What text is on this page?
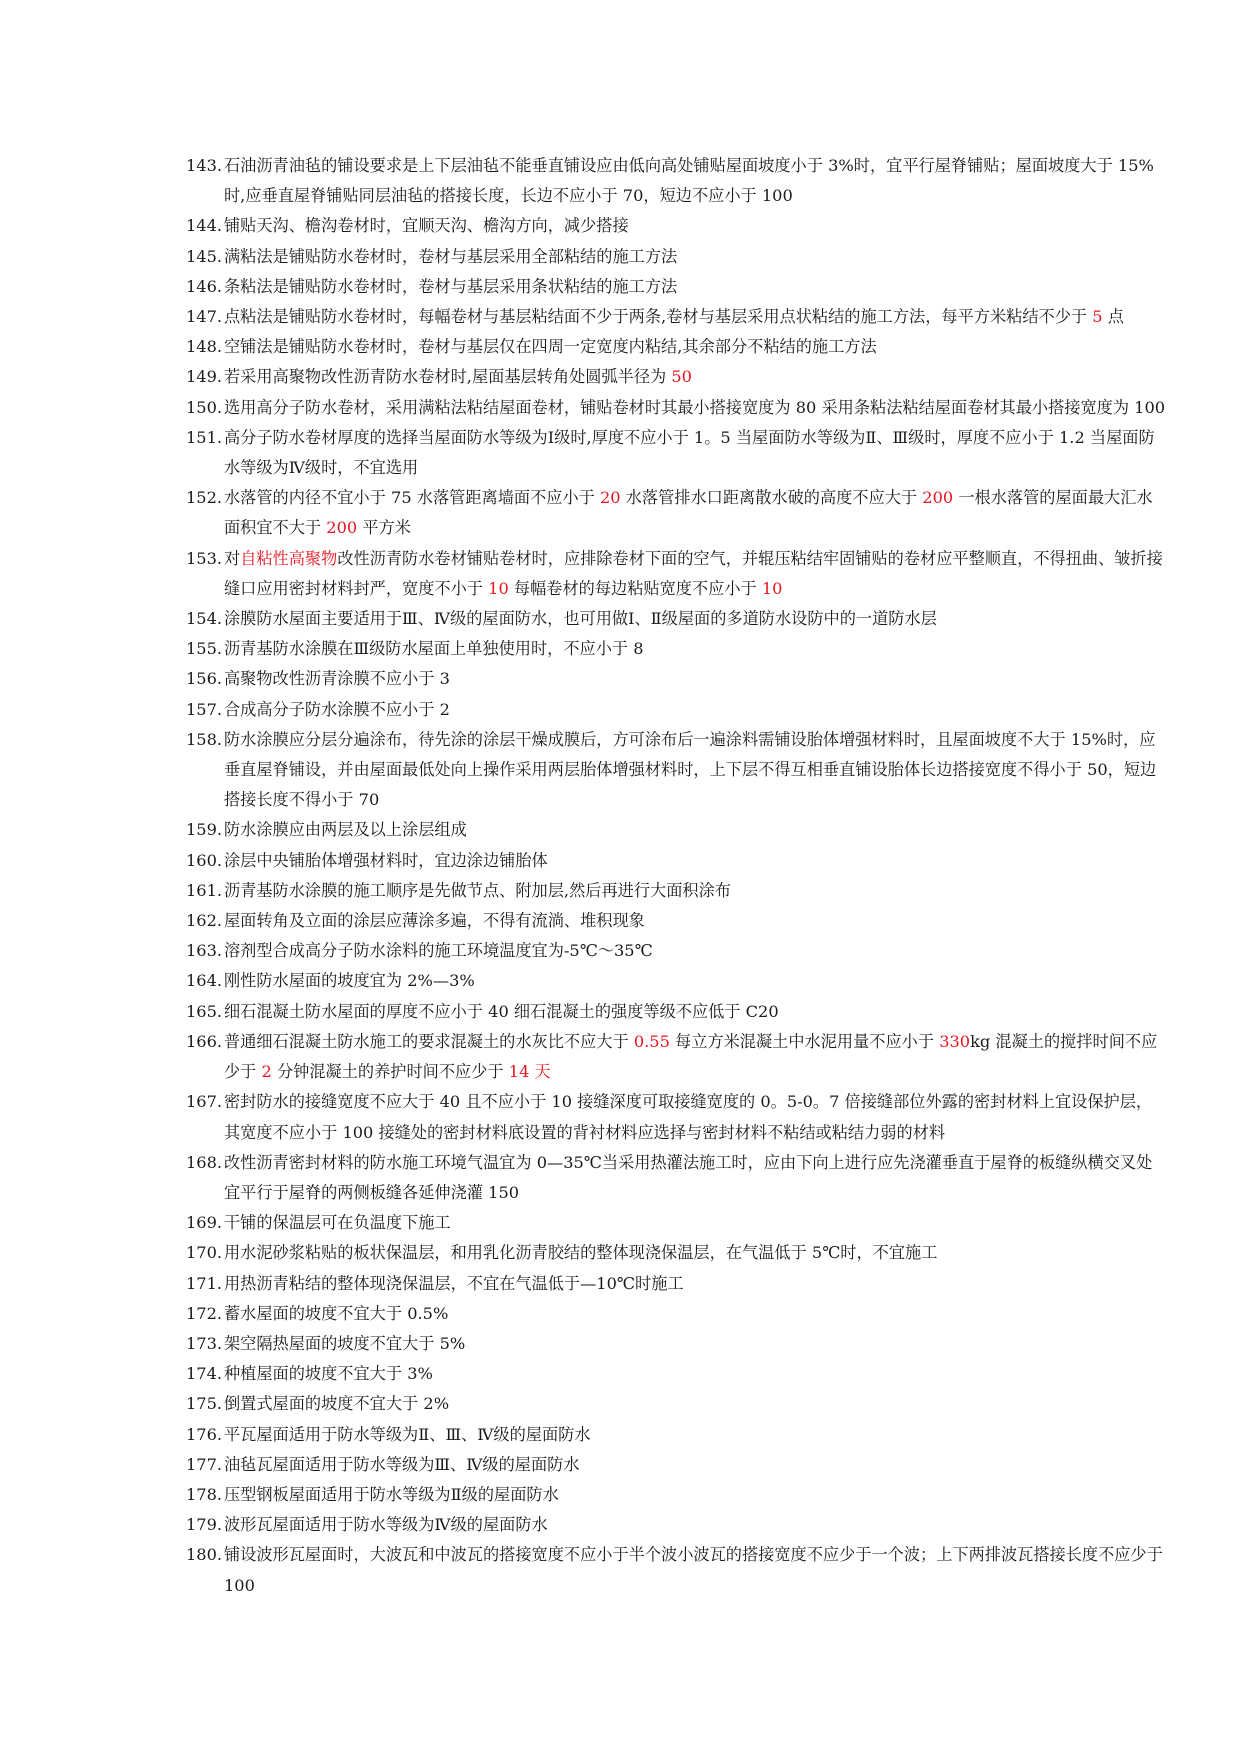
143. 石油沥青油毡的铺设要求是上下层油毡不能垂直铺设应由低向高处铺贴屋面坡度小于 3%时，宜平行屋脊铺贴；屋面坡度大于 15%时,应垂直屋脊铺贴同层油毡的搭接长度，长边不应小于 70，短边不应小于 100
144. 铺贴天沟、檐沟卷材时，宜顺天沟、檐沟方向，减少搭接
145. 满粘法是铺贴防水卷材时，卷材与基层采用全部粘结的施工方法
146. 条粘法是铺贴防水卷材时，卷材与基层采用条状粘结的施工方法
147. 点粘法是铺贴防水卷材时，每幅卷材与基层粘结面不少于两条,卷材与基层采用点状粘结的施工方法，每平方米粘结不少于 5 点
148. 空铺法是铺贴防水卷材时，卷材与基层仅在四周一定宽度内粘结,其余部分不粘结的施工方法
149. 若采用高聚物改性沥青防水卷材时,屋面基层转角处圆弧半径为 50
150. 选用高分子防水卷材，采用满粘法粘结屋面卷材，铺贴卷材时其最小搭接宽度为 80 采用条粘法粘结屋面卷材其最小搭接宽度为 100
151. 高分子防水卷材厚度的选择当屋面防水等级为Ⅰ级时,厚度不应小于 1。5 当屋面防水等级为Ⅱ、Ⅲ级时，厚度不应小于 1.2 当屋面防水等级为Ⅳ级时，不宜选用
152. 水落管的内径不宜小于 75 水落管距离墙面不应小于 20 水落管排水口距离散水破的高度不应大于 200 一根水落管的屋面最大汇水面积宜不大于 200 平方米
153. 对自粘性高聚物改性沥青防水卷材铺贴卷材时，应排除卷材下面的空气，并辊压粘结牢固铺贴的卷材应平整顺直，不得扭曲、皱折接缝口应用密封材料封严，宽度不小于 10 每幅卷材的每边粘贴宽度不应小于 10
154. 涂膜防水屋面主要适用于Ⅲ、Ⅳ级的屋面防水，也可用做Ⅰ、Ⅱ级屋面的多道防水设防中的一道防水层
155. 沥青基防水涂膜在Ⅲ级防水屋面上单独使用时，不应小于 8
156. 高聚物改性沥青涂膜不应小于 3
157. 合成高分子防水涂膜不应小于 2
158. 防水涂膜应分层分遍涂布，待先涂的涂层干燥成膜后，方可涂布后一遍涂料需铺设胎体增强材料时，且屋面坡度不大于 15%时，应垂直屋脊铺设，并由屋面最低处向上操作采用两层胎体增强材料时，上下层不得互相垂直铺设胎体长边搭接宽度不得小于 50，短边搭接长度不得小于 70
159. 防水涂膜应由两层及以上涂层组成
160. 涂层中央铺胎体增强材料时，宜边涂边铺胎体
161. 沥青基防水涂膜的施工顺序是先做节点、附加层,然后再进行大面积涂布
162. 屋面转角及立面的涂层应薄涂多遍，不得有流淌、堆积现象
163. 溶剂型合成高分子防水涂料的施工环境温度宜为-5℃～35℃
164. 刚性防水屋面的坡度宜为 2%—3%
165. 细石混凝土防水屋面的厚度不应小于 40 细石混凝土的强度等级不应低于 C20
166. 普通细石混凝土防水施工的要求混凝土的水灰比不应大于 0.55 每立方米混凝土中水泥用量不应小于 330kg 混凝土的搅拌时间不应少于 2 分钟混凝土的养护时间不应少于 14 天
167. 密封防水的接缝宽度不应大于 40 且不应小于 10 接缝深度可取接缝宽度的 0。5-0。7 倍接缝部位外露的密封材料上宜设保护层，其宽度不应小于 100 接缝处的密封材料底设置的背衬材料应选择与密封材料不粘结或粘结力弱的材料
168. 改性沥青密封材料的防水施工环境气温宜为 0—35℃当采用热灌法施工时，应由下向上进行应先浇灌垂直于屋脊的板缝纵横交叉处宜平行于屋脊的两侧板缝各延伸浇灌 150
169. 干铺的保温层可在负温度下施工
170. 用水泥砂浆粘贴的板状保温层，和用乳化沥青胶结的整体现浇保温层，在气温低于 5℃时，不宜施工
171. 用热沥青粘结的整体现浇保温层，不宜在气温低于—10℃时施工
172. 蓄水屋面的坡度不宜大于 0.5%
173. 架空隔热屋面的坡度不宜大于 5%
174. 种植屋面的坡度不宜大于 3%
175. 倒置式屋面的坡度不宜大于 2%
176. 平瓦屋面适用于防水等级为Ⅱ、Ⅲ、Ⅳ级的屋面防水
177. 油毡瓦屋面适用于防水等级为Ⅲ、Ⅳ级的屋面防水
178. 压型钢板屋面适用于防水等级为Ⅱ级的屋面防水
179. 波形瓦屋面适用于防水等级为Ⅳ级的屋面防水
180. 铺设波形瓦屋面时，大波瓦和中波瓦的搭接宽度不应小于半个波小波瓦的搭接宽度不应少于一个波；上下两排波瓦搭接长度不应少于 100
